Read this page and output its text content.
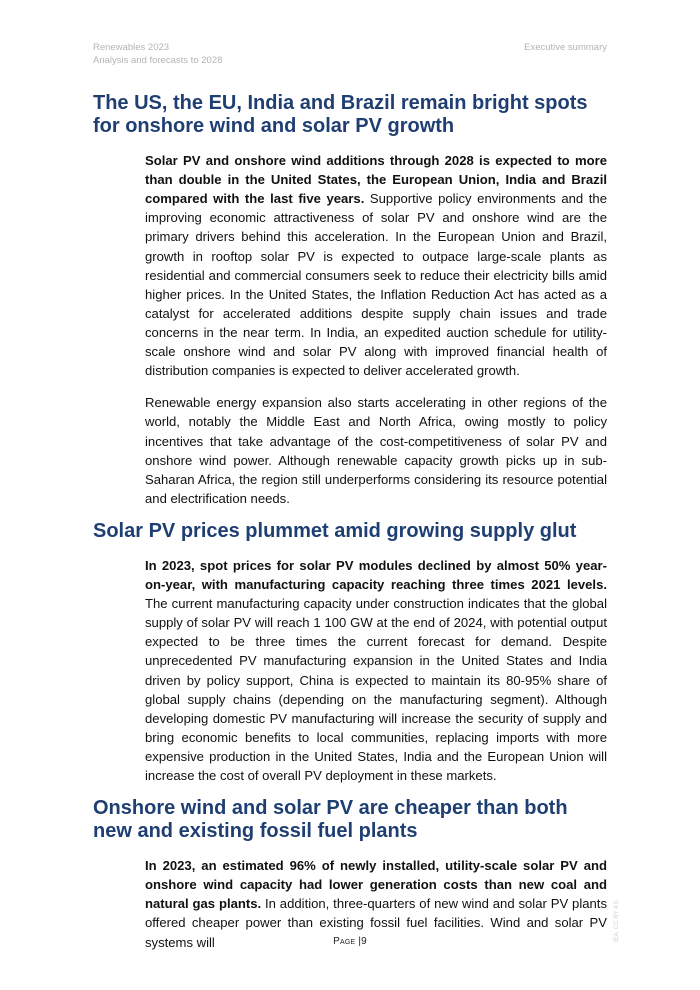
Renewables 2023
Analysis and forecasts to 2028
Executive summary
The US, the EU, India and Brazil remain bright spots for onshore wind and solar PV growth

Solar PV and onshore wind additions through 2028 is expected to more than double in the United States, the European Union, India and Brazil compared with the last five years. Supportive policy environments and the improving economic attractiveness of solar PV and onshore wind are the primary drivers behind this acceleration. In the European Union and Brazil, growth in rooftop solar PV is expected to outpace large-scale plants as residential and commercial consumers seek to reduce their electricity bills amid higher prices. In the United States, the Inflation Reduction Act has acted as a catalyst for accelerated additions despite supply chain issues and trade concerns in the near term. In India, an expedited auction schedule for utility-scale onshore wind and solar PV along with improved financial health of distribution companies is expected to deliver accelerated growth.

Renewable energy expansion also starts accelerating in other regions of the world, notably the Middle East and North Africa, owing mostly to policy incentives that take advantage of the cost-competitiveness of solar PV and onshore wind power. Although renewable capacity growth picks up in sub-Saharan Africa, the region still underperforms considering its resource potential and electrification needs.

Solar PV prices plummet amid growing supply glut

In 2023, spot prices for solar PV modules declined by almost 50% year-on-year, with manufacturing capacity reaching three times 2021 levels. The current manufacturing capacity under construction indicates that the global supply of solar PV will reach 1 100 GW at the end of 2024, with potential output expected to be three times the current forecast for demand. Despite unprecedented PV manufacturing expansion in the United States and India driven by policy support, China is expected to maintain its 80-95% share of global supply chains (depending on the manufacturing segment). Although developing domestic PV manufacturing will increase the security of supply and bring economic benefits to local communities, replacing imports with more expensive production in the United States, India and the European Union will increase the cost of overall PV deployment in these markets.

Onshore wind and solar PV are cheaper than both new and existing fossil fuel plants

In 2023, an estimated 96% of newly installed, utility-scale solar PV and onshore wind capacity had lower generation costs than new coal and natural gas plants. In addition, three-quarters of new wind and solar PV plants offered cheaper power than existing fossil fuel facilities. Wind and solar PV systems will	Page |9	IEA. CC BY 4.0.
